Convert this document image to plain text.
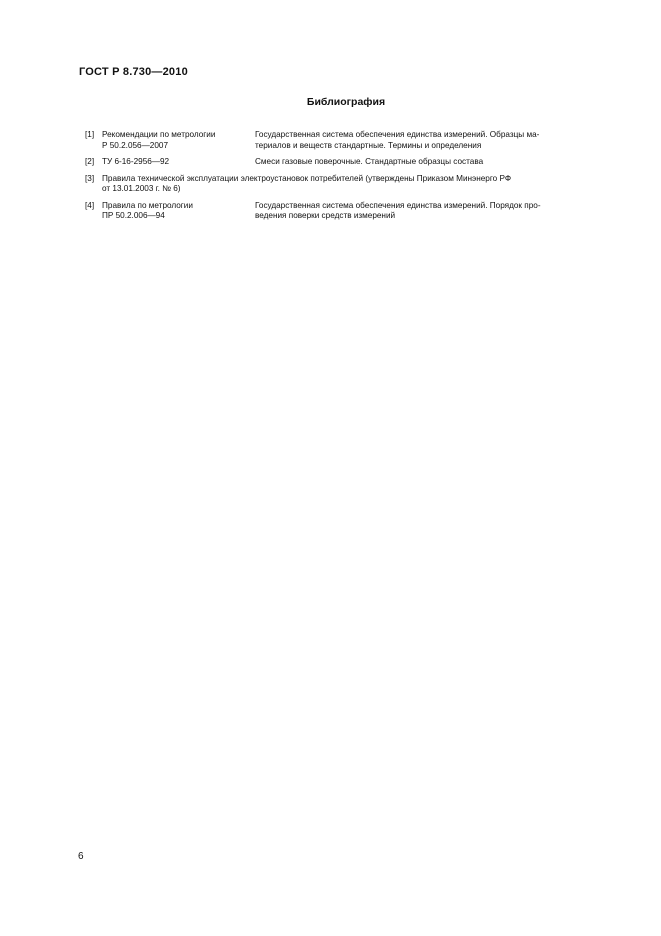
ГОСТ Р 8.730—2010
Библиография
[1] Рекомендации по метрологии
Р 50.2.056—2007
Государственная система обеспечения единства измерений. Образцы ма-
териалов и веществ стандартные. Термины и определения
[2] ТУ 6-16-2956—92	Смеси газовые поверочные. Стандартные образцы состава
[3] Правила технической эксплуатации электроустановок потребителей (утверждены Приказом Минэнерго РФ
от 13.01.2003 г. № 6)
[4] Правила по метрологии
ПР 50.2.006—94
Государственная система обеспечения единства измерений. Порядок про-
ведения поверки средств измерений
6
